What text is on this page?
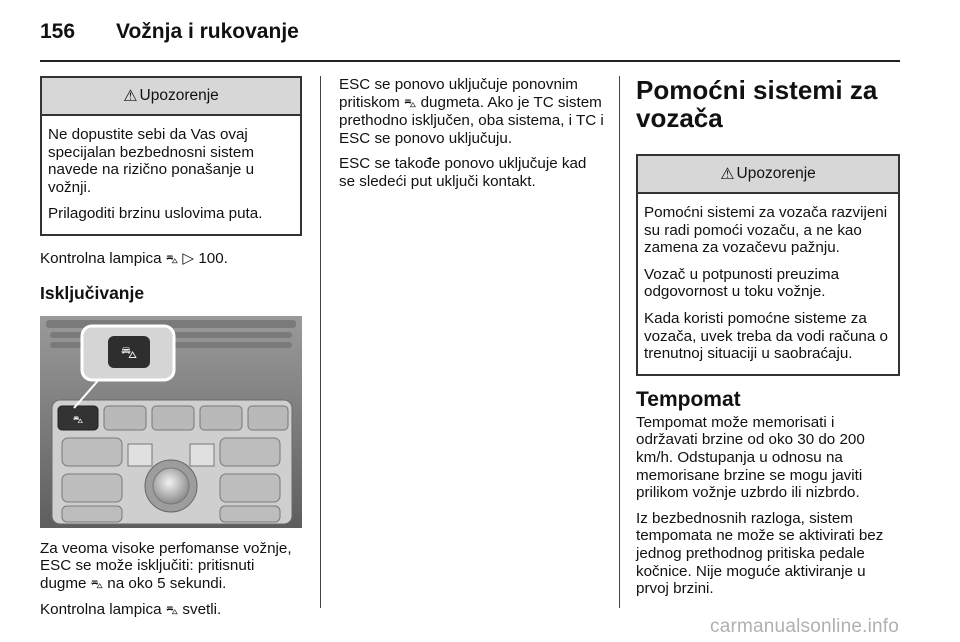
156 Vožnja i rukovanje
⚠ Upozorenje

Ne dopustite sebi da Vas ovaj specijalan bezbednosni sistem navede na rizično ponašanje u vožnji.

Prilagoditi brzinu uslovima puta.

Kontrolna lampica ⛍ ▷ 100.

Isključivanje
⛍
⛍

Za veoma visoke perfomanse vožnje, ESC se može isključiti: pritisnuti dugme ⛍ na oko 5 sekundi.

Kontrolna lampica ⛍ svetli.

ESC se ponovo uključuje ponovnim pritiskom ⛍ dugmeta. Ako je TC sistem prethodno isključen, oba sistema, i TC i ESC se ponovo uključuju.

ESC se takođe ponovo uključuje kad se sledeći put uključi kontakt.

Pomoćni sistemi za vozača
⚠ Upozorenje

Pomoćni sistemi za vozača razvijeni su radi pomoći vozaču, a ne kao zamena za vozačevu pažnju.

Vozač u potpunosti preuzima odgovornost u toku vožnje.

Kada koristi pomoćne sisteme za vozača, uvek treba da vodi računa o trenutnoj situaciji u saobraćaju.

Tempomat

Tempomat može memorisati i održavati brzine od oko 30 do 200 km/h. Odstupanja u odnosu na memorisane brzine se mogu javiti prilikom vožnje uzbrdo ili nizbrdo.

Iz bezbednosnih razloga, sistem tempomata ne može se aktivirati bez jednog prethodnog pritiska pedale kočnice. Nije moguće aktiviranje u prvoj brzini.

carmanualsonline.info
